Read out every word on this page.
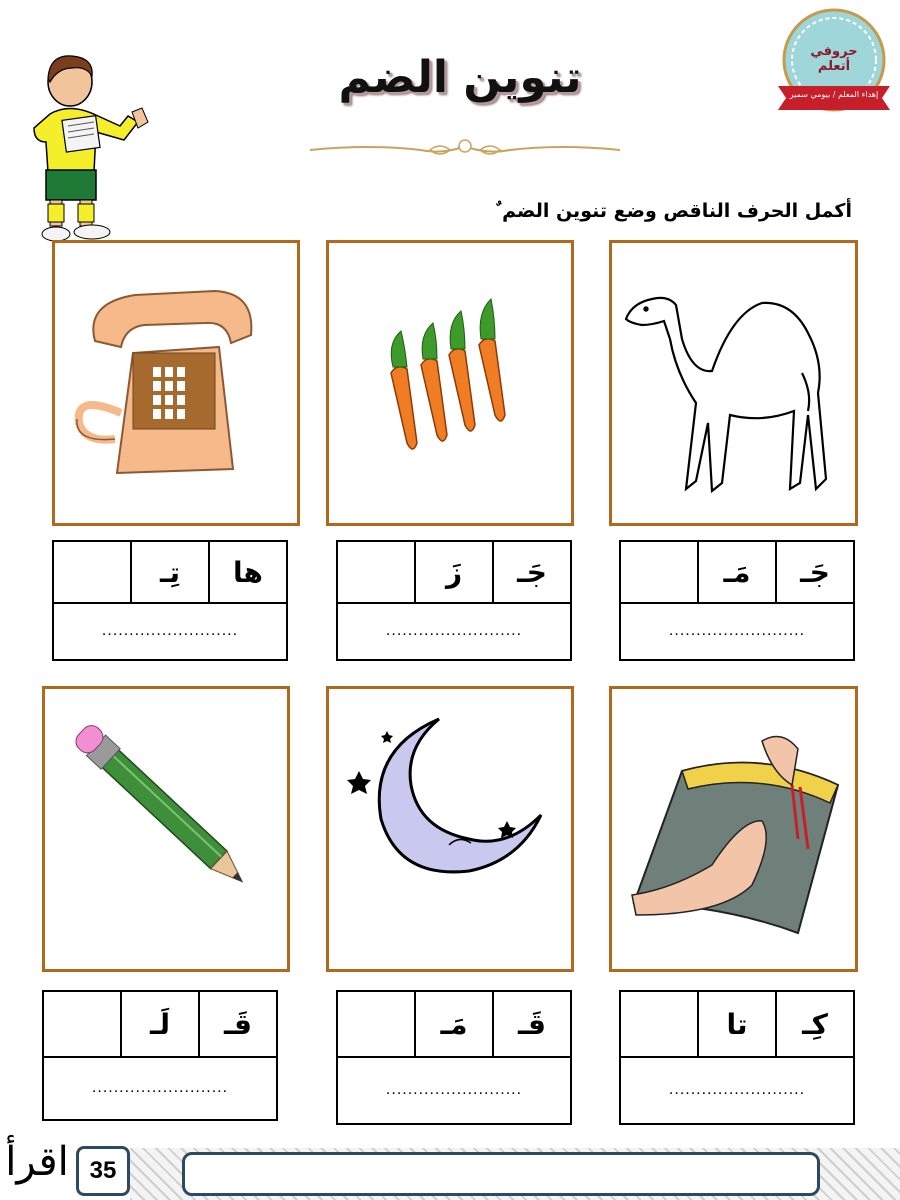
تنوين الضم
حروفي أتعلم
إهداء المعلم / بيومي سمير
أكمل الحرف الناقص وضع تنوين الضم ٌ
ها
تِـ
.........................
جَـ
زَ
.........................
جَـ
مَـ
.........................
قَـ
لَـ
.........................
قَـ
مَـ
.........................
كِـ
تا
.........................
35
اقرأ
